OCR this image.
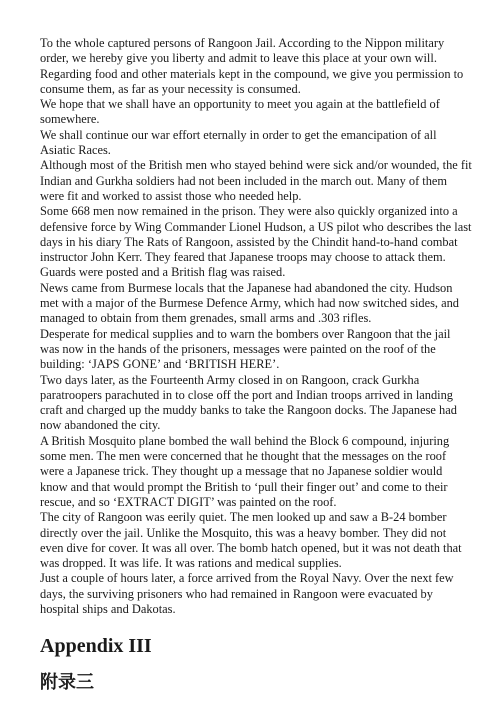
To the whole captured persons of Rangoon Jail. According to the Nippon military order, we hereby give you liberty and admit to leave this place at your own will. Regarding food and other materials kept in the compound, we give you permission to consume them, as far as your necessity is consumed.

We hope that we shall have an opportunity to meet you again at the battlefield of somewhere.

We shall continue our war effort eternally in order to get the emancipation of all Asiatic Races.

Although most of the British men who stayed behind were sick and/or wounded, the fit Indian and Gurkha soldiers had not been included in the march out. Many of them were fit and worked to assist those who needed help.

Some 668 men now remained in the prison. They were also quickly organized into a defensive force by Wing Commander Lionel Hudson, a US pilot who describes the last days in his diary The Rats of Rangoon, assisted by the Chindit hand-to-hand combat instructor John Kerr. They feared that Japanese troops may choose to attack them. Guards were posted and a British flag was raised.

News came from Burmese locals that the Japanese had abandoned the city. Hudson met with a major of the Burmese Defence Army, which had now switched sides, and managed to obtain from them grenades, small arms and .303 rifles.

Desperate for medical supplies and to warn the bombers over Rangoon that the jail was now in the hands of the prisoners, messages were painted on the roof of the building: ‘JAPS GONE’ and ‘BRITISH HERE’.

Two days later, as the Fourteenth Army closed in on Rangoon, crack Gurkha paratroopers parachuted in to close off the port and Indian troops arrived in landing craft and charged up the muddy banks to take the Rangoon docks. The Japanese had now abandoned the city.

A British Mosquito plane bombed the wall behind the Block 6 compound, injuring some men. The men were concerned that he thought that the messages on the roof were a Japanese trick. They thought up a message that no Japanese soldier would know and that would prompt the British to ‘pull their finger out’ and come to their rescue, and so ‘EXTRACT DIGIT’ was painted on the roof.

The city of Rangoon was eerily quiet. The men looked up and saw a B-24 bomber directly over the jail. Unlike the Mosquito, this was a heavy bomber. They did not even dive for cover. It was all over. The bomb hatch opened, but it was not death that was dropped. It was life. It was rations and medical supplies.

Just a couple of hours later, a force arrived from the Royal Navy. Over the next few days, the surviving prisoners who had remained in Rangoon were evacuated by hospital ships and Dakotas.

Appendix III
附录三
